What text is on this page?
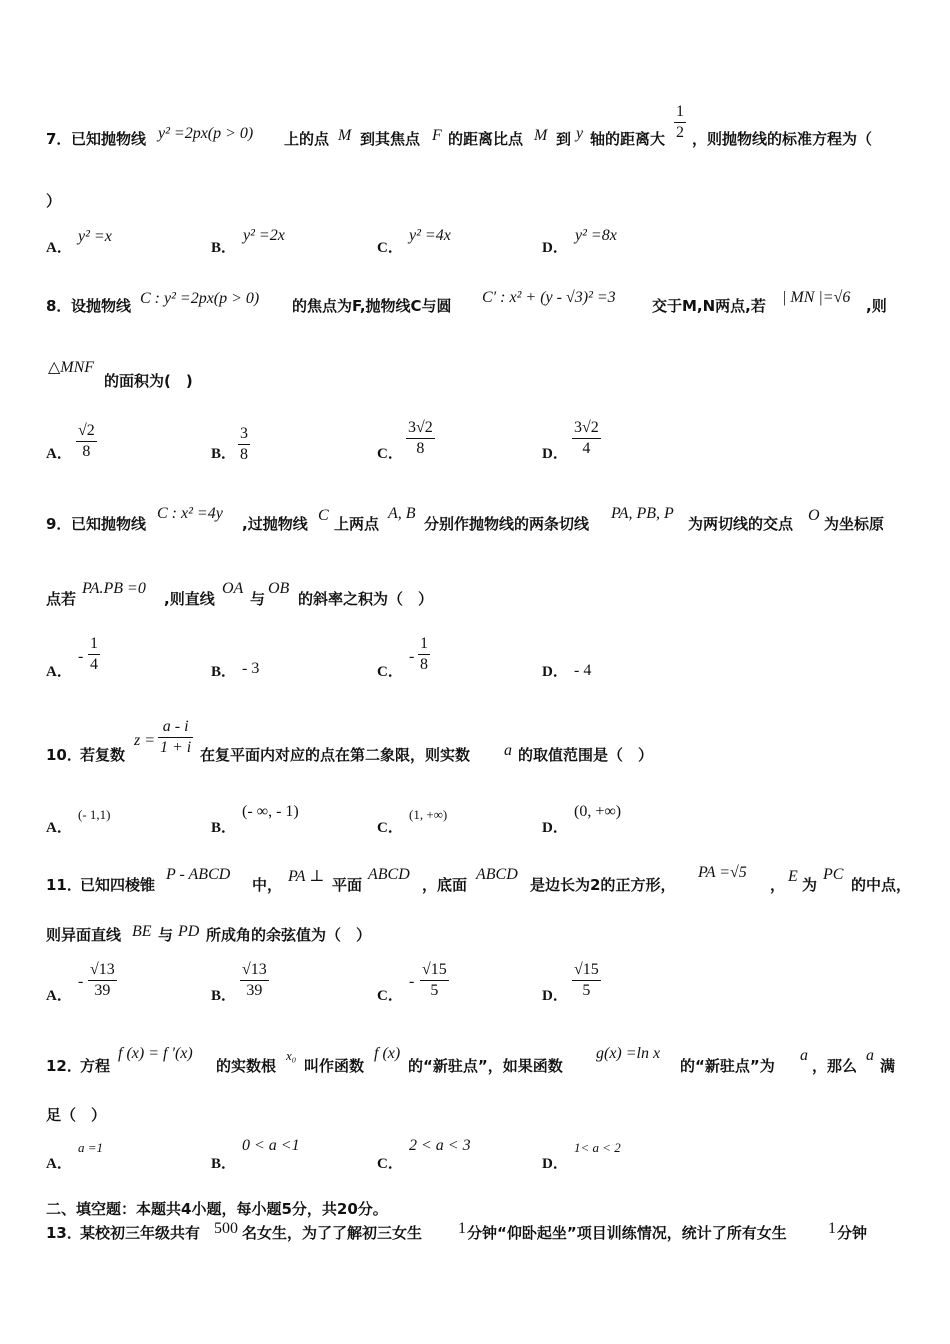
7． 已知抛物线 y² =2px(p > 0) 上的点 M 到其焦点 F 的距离比点 M 到 y 轴的距离大
1
2 ，则抛物线的标准方程为（
）
A．
y² =x
B．
y² =2x
C．
y² =4x
D．
y² =8x
8． 设抛物线 C : y² =2px(p > 0) 的焦点为F,抛物线C与圆 C′ : x² + (y - √3)² =3 交于M,N两点,若 | MN |=√6 ,则
△MNF
的面积为(　)
A．
√2
8	B．
3
8	C．
3√2
8	D．
3√2
4
9． 已知抛物线
C : x² =4y
,过抛物线 C 上两点
A, B
分别作抛物线的两条切线
PA, PB, P
为两切线的交点 O 为坐标原
点若
PA.PB =0
,则直线
OA
与
OB
的斜率之积为（　）
A．
-
1
4	B． - 3	C．
-
1
8	D． - 4
10．
若复数
z =
a - i
1 + i 在复平面内对应的点在第二象限，则实数 a 的取值范围是（　）
A．
(- 1,1)
B．
(- ∞, - 1)
C．
(1, +∞)
D．
(0, +∞)
11．
已知四棱锥
P - ABCD
中， PA ⊥ 平面
ABCD
，底面
ABCD
是边长为2的正方形，
PA =√5
， E 为
PC
的中点，
则异面直线 BE 与 PD 所成角的余弦值为（　）
A．
-
√13
39	B．
√13
39	C．
-
√15
5	D．
√15
5
12．
方程
f (x) = f ′(x)
的实数根
x₀
叫作函数
f (x)
的“新驻点”，如果函数
g(x) =ln x
的“新驻点”为
a
，那么
a
满
足（　）
A．
a =1
B．
0 < a <1
C．
2 < a < 3
D．
1< a < 2
二、填空题：本题共4小题，每小题5分，共20分。
13．
某校初三年级共有 500 名女生，为了了解初三女生 1 分钟“仰卧起坐”项目训练情况，统计了所有女生	1 分钟
